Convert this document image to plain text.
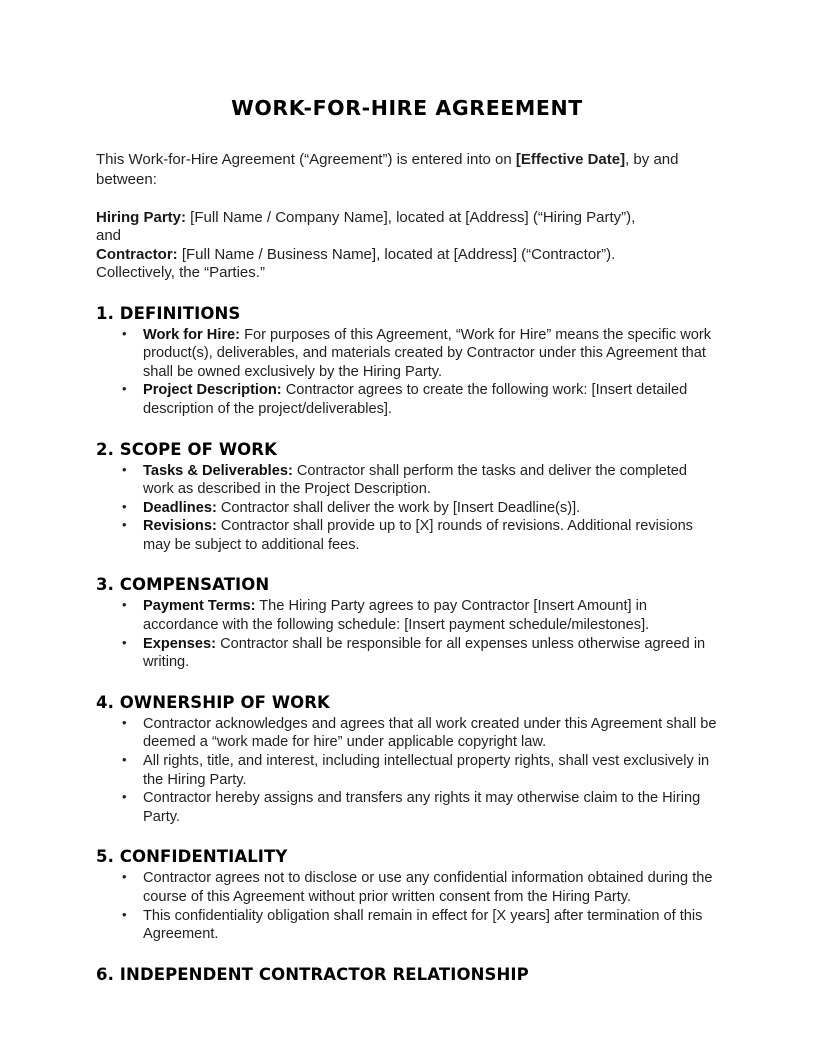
WORK-FOR-HIRE AGREEMENT

This Work-for-Hire Agreement (“Agreement”) is entered into on [Effective Date], by and between:

Hiring Party: [Full Name / Company Name], located at [Address] (“Hiring Party”),
and
Contractor: [Full Name / Business Name], located at [Address] (“Contractor”).
Collectively, the “Parties.”

1. DEFINITIONS
• Work for Hire: For purposes of this Agreement, “Work for Hire” means the specific work product(s), deliverables, and materials created by Contractor under this Agreement that shall be owned exclusively by the Hiring Party.
• Project Description: Contractor agrees to create the following work: [Insert detailed description of the project/deliverables].
2. SCOPE OF WORK
• Tasks & Deliverables: Contractor shall perform the tasks and deliver the completed work as described in the Project Description.
• Deadlines: Contractor shall deliver the work by [Insert Deadline(s)].
• Revisions: Contractor shall provide up to [X] rounds of revisions. Additional revisions may be subject to additional fees.
3. COMPENSATION
• Payment Terms: The Hiring Party agrees to pay Contractor [Insert Amount] in accordance with the following schedule: [Insert payment schedule/milestones].
• Expenses: Contractor shall be responsible for all expenses unless otherwise agreed in writing.
4. OWNERSHIP OF WORK
• Contractor acknowledges and agrees that all work created under this Agreement shall be deemed a “work made for hire” under applicable copyright law.
• All rights, title, and interest, including intellectual property rights, shall vest exclusively in the Hiring Party.
• Contractor hereby assigns and transfers any rights it may otherwise claim to the Hiring Party.
5. CONFIDENTIALITY
• Contractor agrees not to disclose or use any confidential information obtained during the course of this Agreement without prior written consent from the Hiring Party.
• This confidentiality obligation shall remain in effect for [X years] after termination of this Agreement.
6. INDEPENDENT CONTRACTOR RELATIONSHIP
